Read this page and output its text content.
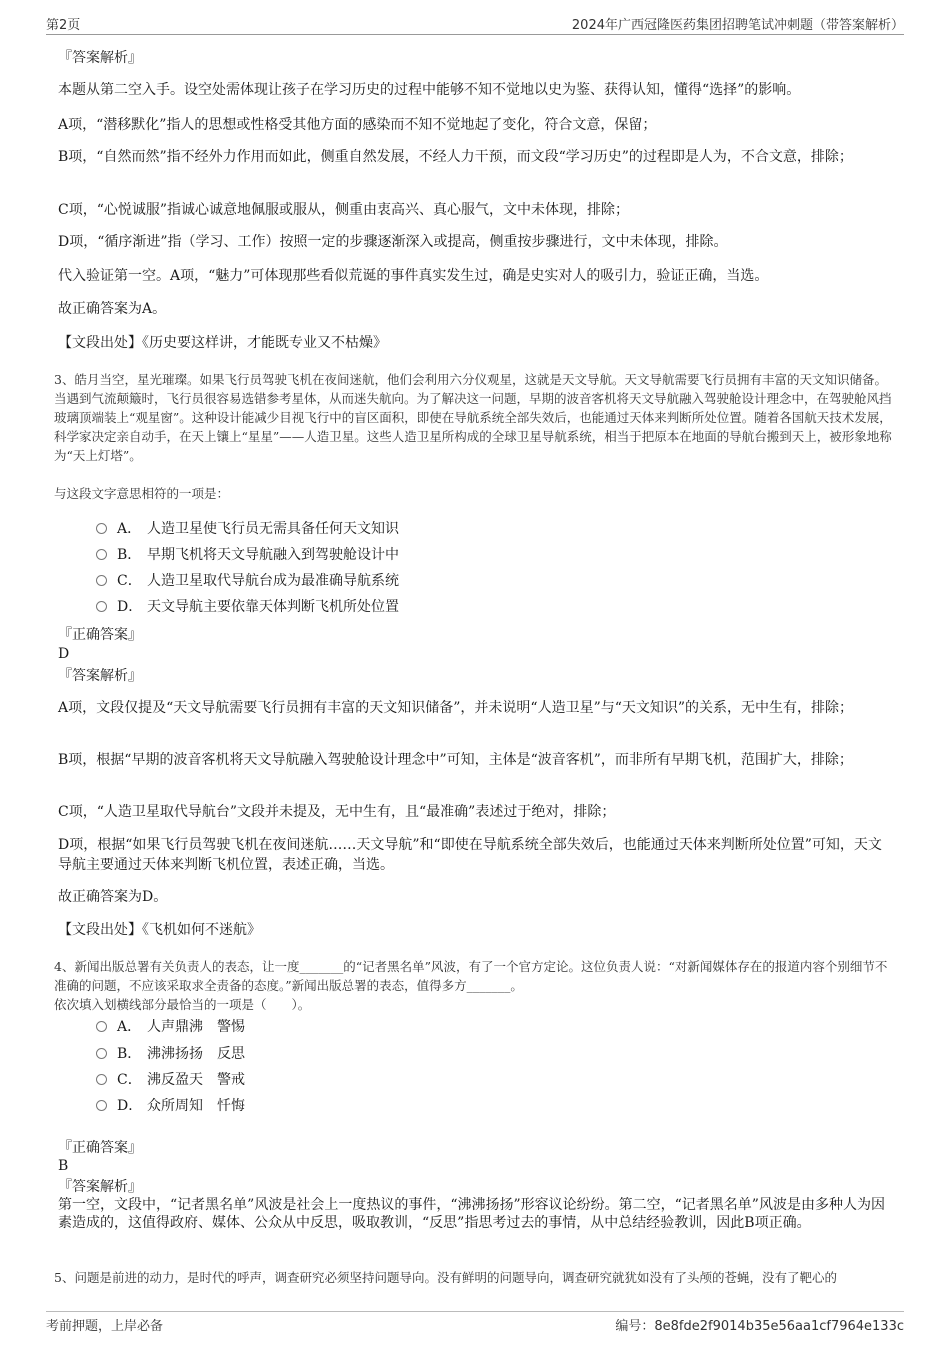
第2页	2024年广西冠隆医药集团招聘笔试冲刺题（带答案解析）
『答案解析』
本题从第二空入手。设空处需体现让孩子在学习历史的过程中能够不知不觉地以史为鉴、获得认知，懂得“选择”的影响。
A项，“潜移默化”指人的思想或性格受其他方面的感染而不知不觉地起了变化，符合文意，保留；
B项，“自然而然”指不经外力作用而如此，侧重自然发展，不经人力干预，而文段“学习历史”的过程即是人为，不合文意，排除；
C项，“心悦诚服”指诚心诚意地佩服或服从，侧重由衷高兴、真心服气，文中未体现，排除；
D项，“循序渐进”指（学习、工作）按照一定的步骤逐渐深入或提高，侧重按步骤进行，文中未体现，排除。
代入验证第一空。A项，“魅力”可体现那些看似荒诞的事件真实发生过，确是史实对人的吸引力，验证正确，当选。
故正确答案为A。
【文段出处】《历史要这样讲，才能既专业又不枯燥》
3、皓月当空，星光璀璨。如果飞行员驾驶飞机在夜间迷航，他们会利用六分仪观星，这就是天文导航。天文导航需要飞行员拥有丰富的天文知识储备。当遇到气流颠簸时，飞行员很容易选错参考星体，从而迷失航向。为了解决这一问题，早期的波音客机将天文导航融入驾驶舱设计理念中，在驾驶舱风挡玻璃顶端装上“观星窗”。这种设计能减少目视飞行中的盲区面积，即使在导航系统全部失效后，也能通过天体来判断所处位置。随着各国航天技术发展，科学家决定亲自动手，在天上镶上“星星”——人造卫星。这些人造卫星所构成的全球卫星导航系统，相当于把原本在地面的导航台搬到天上，被形象地称为“天上灯塔”。
与这段文字意思相符的一项是：
A． 人造卫星使飞行员无需具备任何天文知识
B． 早期飞机将天文导航融入到驾驶舱设计中
C． 人造卫星取代导航台成为最准确导航系统
D． 天文导航主要依靠天体判断飞机所处位置
『正确答案』
D
『答案解析』
A项，文段仅提及“天文导航需要飞行员拥有丰富的天文知识储备”，并未说明“人造卫星”与“天文知识”的关系，无中生有，排除；
B项，根据“早期的波音客机将天文导航融入驾驶舱设计理念中”可知，主体是“波音客机”，而非所有早期飞机，范围扩大，排除；
C项，“人造卫星取代导航台”文段并未提及，无中生有，且“最准确”表述过于绝对，排除；
D项，根据“如果飞行员驾驶飞机在夜间迷航……天文导航”和“即使在导航系统全部失效后，也能通过天体来判断所处位置”可知，天文导航主要通过天体来判断飞机位置，表述正确，当选。
故正确答案为D。
【文段出处】《飞机如何不迷航》
4、新闻出版总署有关负责人的表态，让一度_______的“记者黑名单”风波，有了一个官方定论。这位负责人说：“对新闻媒体存在的报道内容个别细节不准确的问题，不应该采取求全责备的态度。”新闻出版总署的表态，值得多方_______。
依次填入划横线部分最恰当的一项是（　　）。
A． 人声鼎沸 警惕
B． 沸沸扬扬 反思
C． 沸反盈天 警戒
D． 众所周知 忏悔
『正确答案』
B
『答案解析』
第一空，文段中，“记者黑名单”风波是社会上一度热议的事件，“沸沸扬扬”形容议论纷纷。第二空，“记者黑名单”风波是由多种人为因素造成的，这值得政府、媒体、公众从中反思，吸取教训，“反思”指思考过去的事情，从中总结经验教训，因此B项正确。
5、问题是前进的动力，是时代的呼声，调查研究必须坚持问题导向。没有鲜明的问题导向，调查研究就犹如没有了头颅的苍蝇，没有了靶心的
考前押题，上岸必备	编号：8e8fde2f9014b35e56aa1cf7964e133c
